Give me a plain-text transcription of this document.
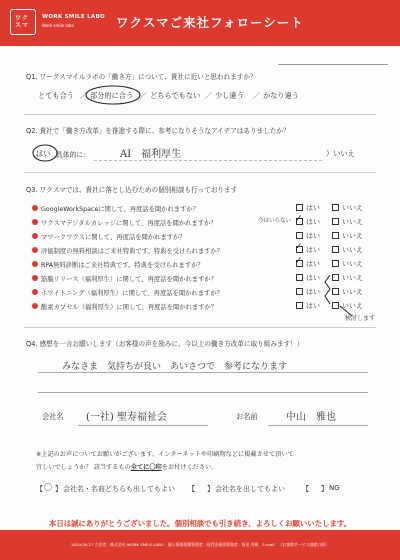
ワクスマ
WORK SMILE LABO
Work smile labo	ワクスマご来社フォローシート
Q1. ワークスマイルラボの「働き方」について、貴社に近いと思われますか？
とても合う ／ 部分的に合う ／ どちらでもない ／ 少し違う ／ かなり違う
Q2. 貴社で「働き方改革」を推進する際に、参考になりそうなアイデアはありましたか？
はい 具体的に：	AI　福利厚生	）いいえ
Q3. ワクスマでは、貴社に落とし込むための個別相談も行っております
GoogleWorkSpaceに関して、再度話を聞かれますか？	はい	いいえ
ワクスマデジタルカレッジに関して、再度話を聞かれますか？	今はいらない ✓ はい	いいえ
マワークワクスに関して、再度話を聞かれますか？	はい	いいえ
評価制度の無料相談はご来社特典です。特典を受けられますか？	✓ はい	いいえ
RPA無料診断はご来社特典です。特典を受けられますか？	✓ はい	いいえ
筋膜リリース（福利厚生）に関して、再度話を聞かれますか？	はい	いいえ
ホワイトニング（福利厚生）に関して、再度話を聞かれますか？	はい	いいえ
酸素カプセル（福利厚生）に関して、再度話を聞かれますか？	はい	いいえ
検討します
Q4. 感想を一言お願いします（お客様の声を励みに、今以上の働き方改革に取り組みます！）
みなさま　気持ちが良い　あいさつで　参考になります
会社名 (一社) 聖寿福祉会	お名前	中山　雅也
※上記のお声についてお願いがございます。インターネットや印刷物などに掲載させて頂いて
宜しいでしょうか？ 該当するもの全てに〇印をお付けください。
【 〇 】 会社名・名前どちらも出してもよい 【 】 会社名を出してもよい 【 】 NG
本日は誠にありがとうございました。個別相談でも引き続き、よろしくお願いいたします。
2024.09.27 立会者：株式会社 WORK SMILE LABO　個人情報保護管理者：経営企画部管理者：角田 秀雄　E-mail：（お客様サービス課窓口係）
